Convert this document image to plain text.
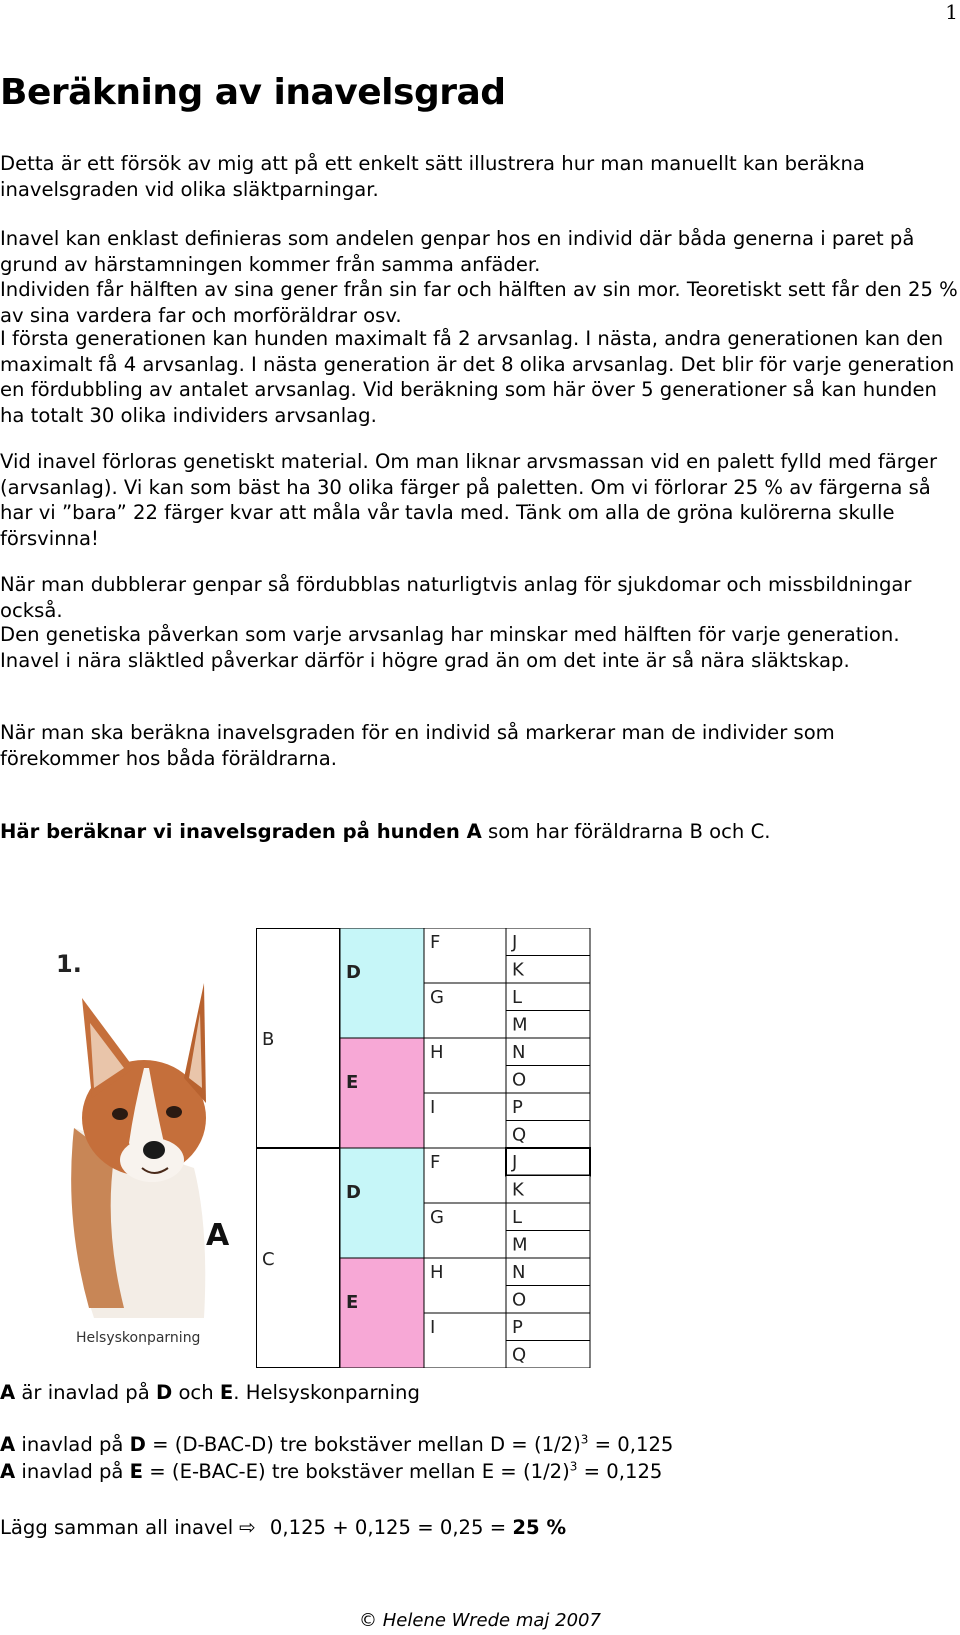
1
Beräkning av inavelsgrad

Detta är ett försök av mig att på ett enkelt sätt illustrera hur man manuellt kan beräkna inavelsgraden vid olika släktparningar.

Inavel kan enklast definieras som andelen genpar hos en individ där båda generna i paret på grund av härstamningen kommer från samma anfäder.

Individen får hälften av sina gener från sin far och hälften av sin mor. Teoretiskt sett får den 25 % av sina vardera far och morföräldrar osv.

I första generationen kan hunden maximalt få 2 arvsanlag. I nästa, andra generationen kan den maximalt få 4 arvsanlag. I nästa generation är det 8 olika arvsanlag. Det blir för varje generation en fördubbling av antalet arvsanlag. Vid beräkning som här över 5 generationer så kan hunden ha totalt 30 olika individers arvsanlag.

Vid inavel förloras genetiskt material. Om man liknar arvsmassan vid en palett fylld med färger (arvsanlag). Vi kan som bäst ha 30 olika färger på paletten. Om vi förlorar 25 % av färgerna så har vi ”bara” 22 färger kvar att måla vår tavla med. Tänk om alla de gröna kulörerna skulle försvinna!

När man dubblerar genpar så fördubblas naturligtvis anlag för sjukdomar och missbildningar också.

Den genetiska påverkan som varje arvsanlag har minskar med hälften för varje generation. Inavel i nära släktled påverkar därför i högre grad än om det inte är så nära släktskap.

När man ska beräkna inavelsgraden för en individ så markerar man de individer som förekommer hos båda föräldrarna.

Här beräknar vi inavelsgraden på hunden A som har föräldrarna B och C.

1.
A
Helsyskonparning
B
C
D
E
D
E
F
G
H
I
F
G
H
I
J
K
L
M
N
O
P
Q
J
K
L
M
N
O
P
Q

A är inavlad på D och E. Helsyskonparning

A inavlad på D = (D-BAC-D) tre bokstäver mellan $D = (1/2)^3 = 0,125$

A inavlad på E = (E-BAC-E) tre bokstäver mellan $E = (1/2)^3 = 0,125$

Lägg samman all inavel ⇨ 0,125 + 0,125 = 0,25 = 25 %

© Helene Wrede maj 2007
